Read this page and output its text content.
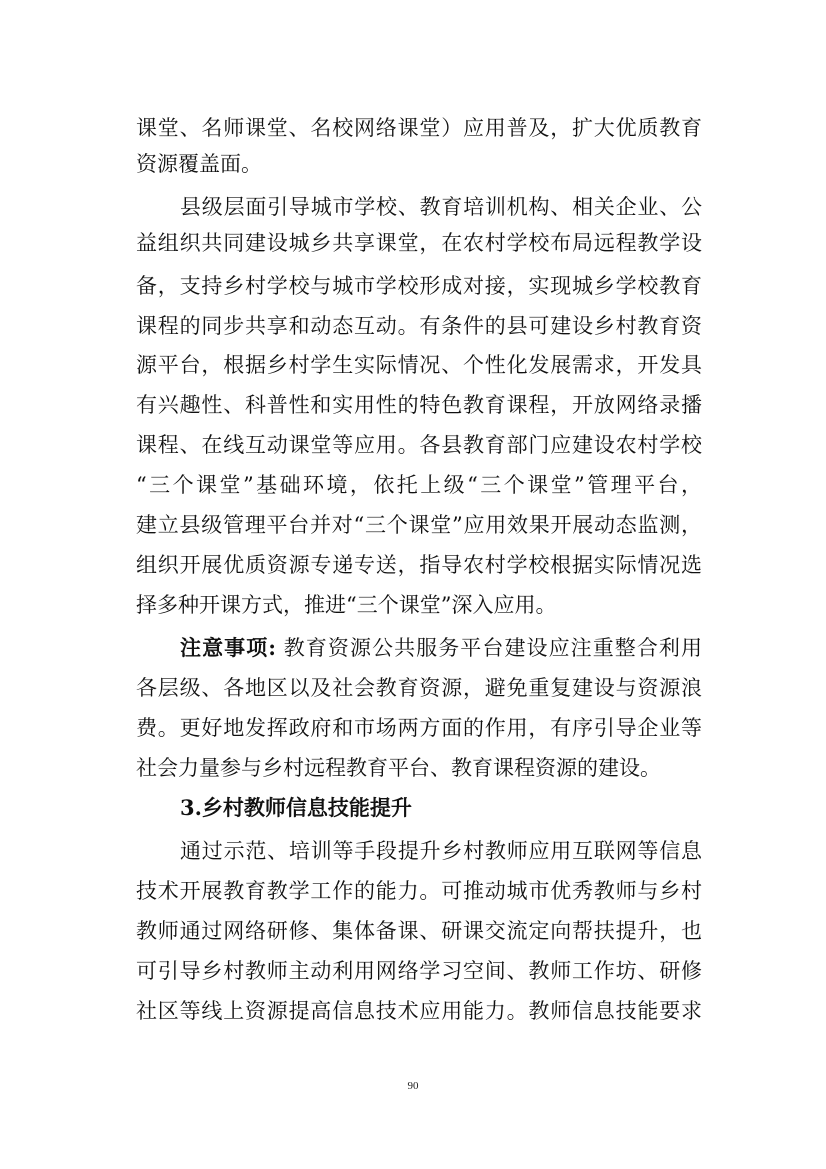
课堂、名师课堂、名校网络课堂）应用普及，扩大优质教育
资源覆盖面。
县级层面引导城市学校、教育培训机构、相关企业、公
益组织共同建设城乡共享课堂，在农村学校布局远程教学设
备，支持乡村学校与城市学校形成对接，实现城乡学校教育
课程的同步共享和动态互动。有条件的县可建设乡村教育资
源平台，根据乡村学生实际情况、个性化发展需求，开发具
有兴趣性、科普性和实用性的特色教育课程，开放网络录播
课程、在线互动课堂等应用。各县教育部门应建设农村学校
“三个课堂”基础环境，依托上级“三个课堂”管理平台，
建立县级管理平台并对“三个课堂”应用效果开展动态监测，
组织开展优质资源专递专送，指导农村学校根据实际情况选
择多种开课方式，推进“三个课堂”深入应用。
注意事项: 教育资源公共服务平台建设应注重整合利用
各层级、各地区以及社会教育资源，避免重复建设与资源浪
费。更好地发挥政府和市场两方面的作用，有序引导企业等
社会力量参与乡村远程教育平台、教育课程资源的建设。
3.乡村教师信息技能提升
通过示范、培训等手段提升乡村教师应用互联网等信息
技术开展教育教学工作的能力。可推动城市优秀教师与乡村
教师通过网络研修、集体备课、研课交流定向帮扶提升，也
可引导乡村教师主动利用网络学习空间、教师工作坊、研修
社区等线上资源提高信息技术应用能力。教师信息技能要求
90
